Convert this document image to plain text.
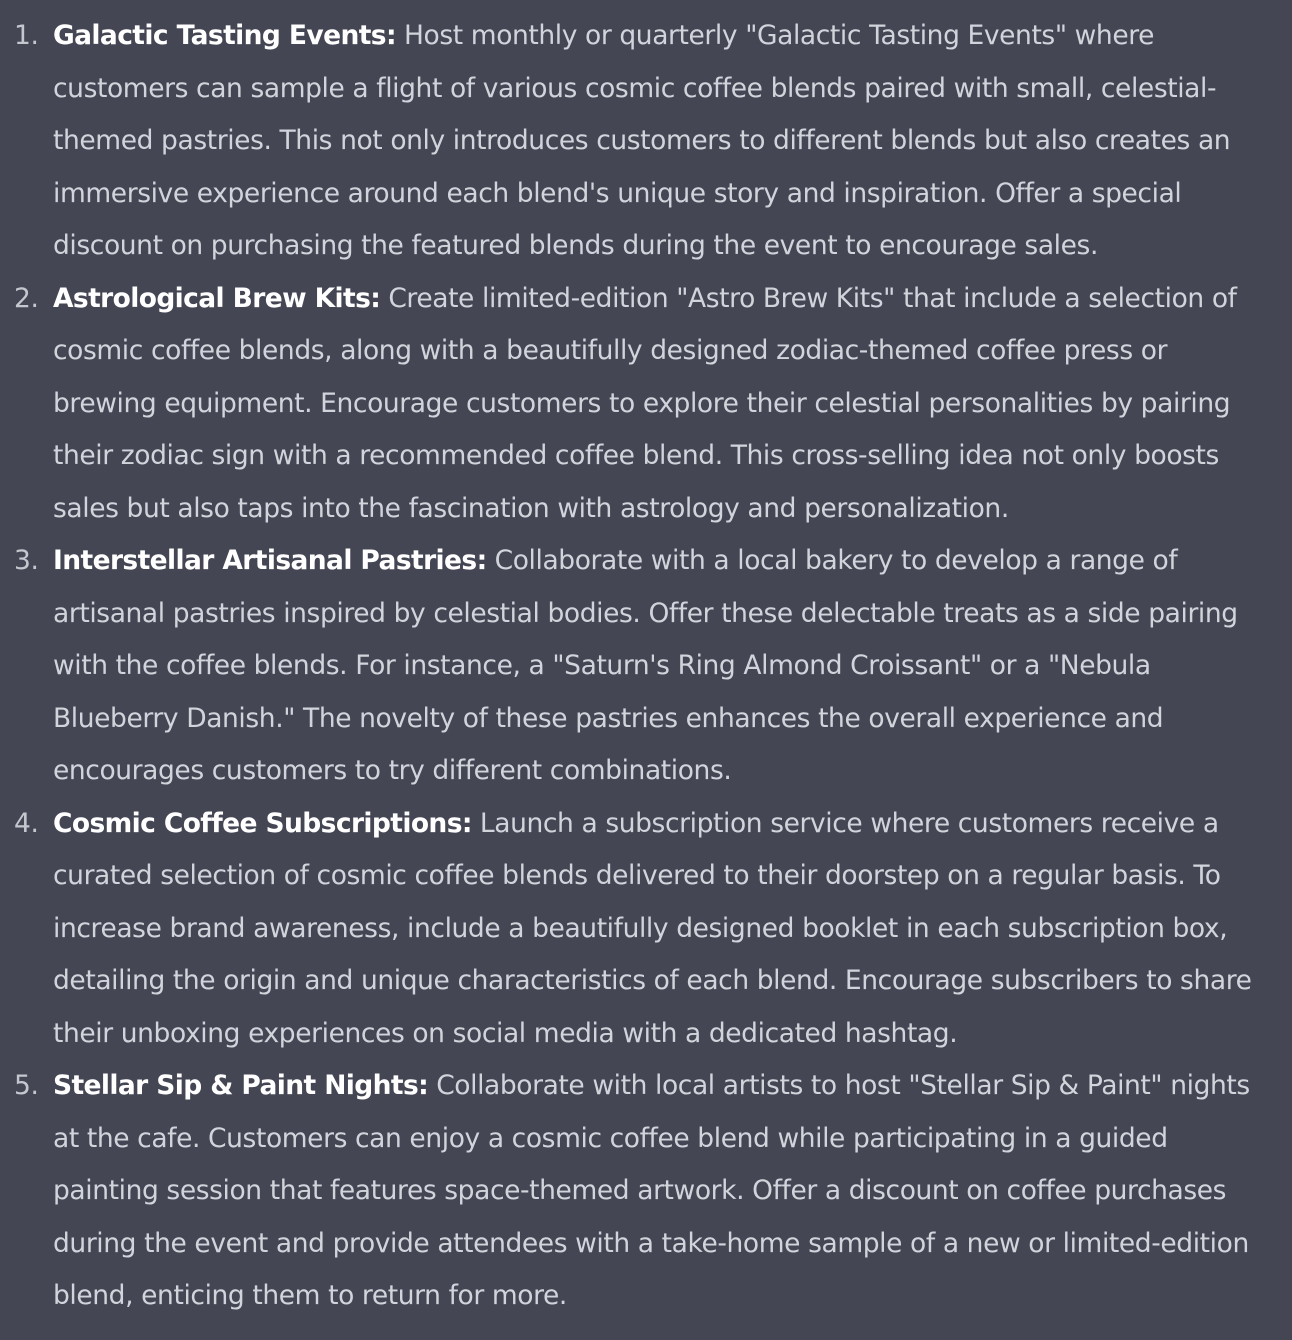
1. Galactic Tasting Events: Host monthly or quarterly "Galactic Tasting Events" where customers can sample a flight of various cosmic coffee blends paired with small, celestial-themed pastries. This not only introduces customers to different blends but also creates an immersive experience around each blend's unique story and inspiration. Offer a special discount on purchasing the featured blends during the event to encourage sales.
2. Astrological Brew Kits: Create limited-edition "Astro Brew Kits" that include a selection of cosmic coffee blends, along with a beautifully designed zodiac-themed coffee press or brewing equipment. Encourage customers to explore their celestial personalities by pairing their zodiac sign with a recommended coffee blend. This cross-selling idea not only boosts sales but also taps into the fascination with astrology and personalization.
3. Interstellar Artisanal Pastries: Collaborate with a local bakery to develop a range of artisanal pastries inspired by celestial bodies. Offer these delectable treats as a side pairing with the coffee blends. For instance, a "Saturn's Ring Almond Croissant" or a "Nebula Blueberry Danish." The novelty of these pastries enhances the overall experience and encourages customers to try different combinations.
4. Cosmic Coffee Subscriptions: Launch a subscription service where customers receive a curated selection of cosmic coffee blends delivered to their doorstep on a regular basis. To increase brand awareness, include a beautifully designed booklet in each subscription box, detailing the origin and unique characteristics of each blend. Encourage subscribers to share their unboxing experiences on social media with a dedicated hashtag.
5. Stellar Sip & Paint Nights: Collaborate with local artists to host "Stellar Sip & Paint" nights at the cafe. Customers can enjoy a cosmic coffee blend while participating in a guided painting session that features space-themed artwork. Offer a discount on coffee purchases during the event and provide attendees with a take-home sample of a new or limited-edition blend, enticing them to return for more.
